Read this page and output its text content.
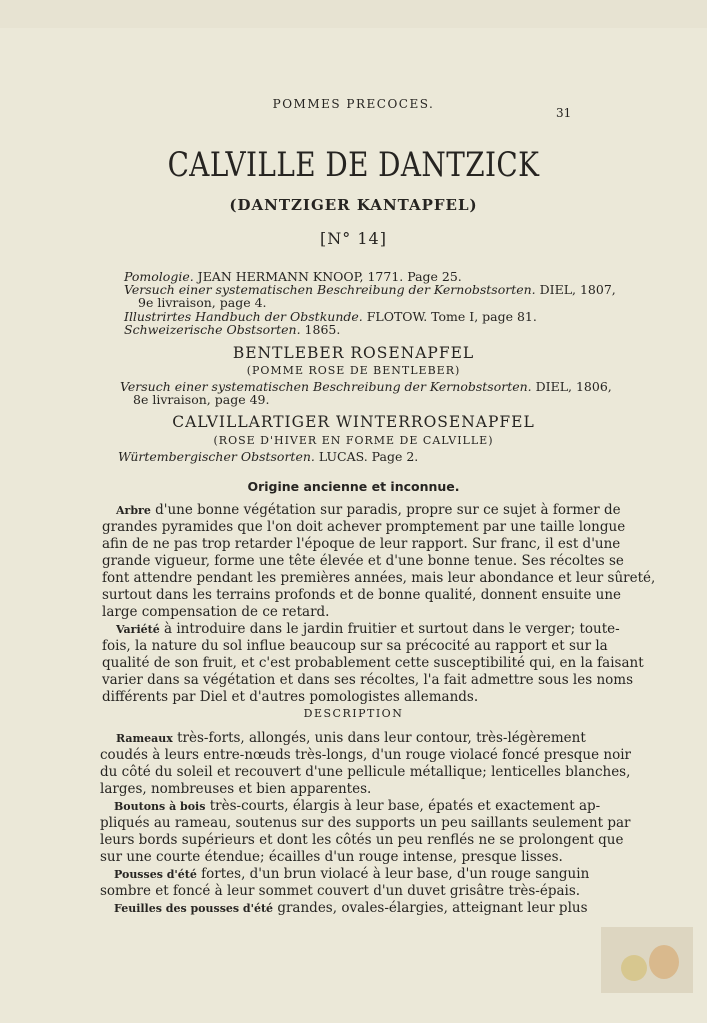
POMMES PRECOCES.
31
CALVILLE DE DANTZICK
(DANTZIGER KANTAPFEL)
[N° 14]
Pomologie. JEAN HERMANN KNOOP, 1771. Page 25.
Versuch einer systematischen Beschreibung der Kernobstsorten. DIEL, 1807,
9e livraison, page 4.
Illustrirtes Handbuch der Obstkunde. FLOTOW. Tome I, page 81.
Schweizerische Obstsorten. 1865.
BENTLEBER ROSENAPFEL
(POMME ROSE DE BENTLEBER)
Versuch einer systematischen Beschreibung der Kernobstsorten. DIEL, 1806,
8e livraison, page 49.
CALVILLARTIGER WINTERROSENAPFEL
(ROSE D'HIVER EN FORME DE CALVILLE)
Würtembergischer Obstsorten. LUCAS. Page 2.
Origine ancienne et inconnue.
Arbre d'une bonne végétation sur paradis, propre sur ce sujet à former de
grandes pyramides que l'on doit achever promptement par une taille longue
afin de ne pas trop retarder l'époque de leur rapport. Sur franc, il est d'une
grande vigueur, forme une tête élevée et d'une bonne tenue. Ses récoltes se
font attendre pendant les premières années, mais leur abondance et leur sûreté,
surtout dans les terrains profonds et de bonne qualité, donnent ensuite une
large compensation de ce retard.
Variété à introduire dans le jardin fruitier et surtout dans le verger; toute-
fois, la nature du sol influe beaucoup sur sa précocité au rapport et sur la
qualité de son fruit, et c'est probablement cette susceptibilité qui, en la faisant
varier dans sa végétation et dans ses récoltes, l'a fait admettre sous les noms
différents par Diel et d'autres pomologistes allemands.
DESCRIPTION
Rameaux très-forts, allongés, unis dans leur contour, très-légèrement
coudés à leurs entre-nœuds très-longs, d'un rouge violacé foncé presque noir
du côté du soleil et recouvert d'une pellicule métallique; lenticelles blanches,
larges, nombreuses et bien apparentes.
Boutons à bois très-courts, élargis à leur base, épatés et exactement ap-
pliqués au rameau, soutenus sur des supports un peu saillants seulement par
leurs bords supérieurs et dont les côtés un peu renflés ne se prolongent que
sur une courte étendue; écailles d'un rouge intense, presque lisses.
Pousses d'été fortes, d'un brun violacé à leur base, d'un rouge sanguin
sombre et foncé à leur sommet couvert d'un duvet grisâtre très-épais.
Feuilles des pousses d'été grandes, ovales-élargies, atteignant leur plus
